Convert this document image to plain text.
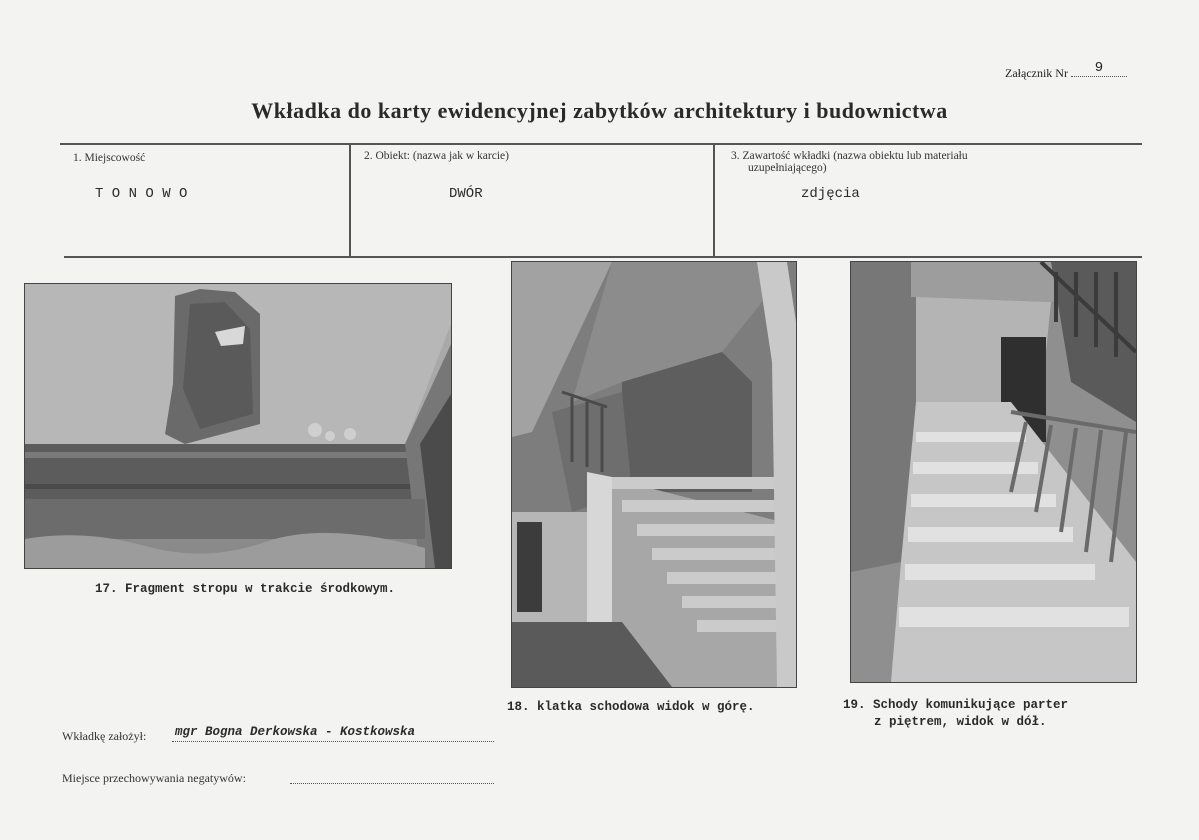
Załącznik Nr 9
Wkładka do karty ewidencyjnej zabytków architektury i budownictwa
1. Miejscowość
T O N O W O
2. Obiekt: (nazwa jak w karcie)
DWÓR
3. Zawartość wkładki (nazwa obiektu lub materiału
uzupełniającego)
zdjęcia
17. Fragment stropu w trakcie środkowym.
18. klatka schodowa widok w górę.	19. Schody komunikujące parter
z piętrem, widok w dół.
Wkładkę założył: mgr Bogna Derkowska - Kostkowska
Miejsce przechowywania negatywów:
